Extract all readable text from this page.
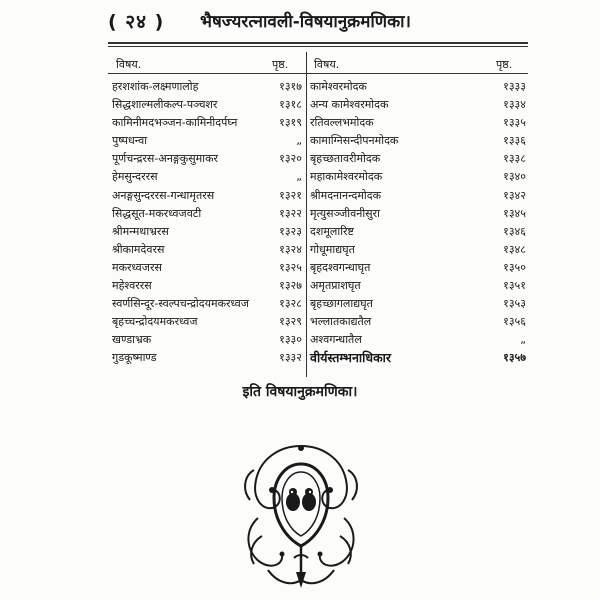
( २४ ) भैषज्यरत्नावली-विषयानुक्रमणिका।
विषय.	पृष्ठ. विषय.	पृष्ठ.
हरशशांक-लक्ष्मणालोह	१३१७
सिद्धशाल्मलीकल्प-पञ्चशर	१३१८
कामिनीमदभञ्जन-कामिनीदर्पघ्न	१३१९
पुष्पधन्वा	„
पूर्णचन्द्ररस-अनङ्गकुसुमाकर	१३२०
हेमसुन्दररस	„
अनङ्गसुन्दररस-गन्धामृतरस	१३२१
सिद्धसूत-मकरध्वजवटी	१३२२
श्रीमन्मथाभ्ररस	१३२३
श्रीकामदेवरस	१३२४
मकरध्वजरस	१३२५
महेश्वररस	१३२७
स्वर्णसिन्दूर-स्वल्पचन्द्रोदयमकरध्वज	१३२८
बृहच्चन्द्रोदयमकरध्वज	१३२९
खण्डाभ्रक	१३३०
गुडकूष्माण्ड	१३३२
कामेश्वरमोदक	१३३३
अन्य कामेश्वरमोदक	१३३४
रतिवल्लभमोदक	१३३५
कामाग्निसन्दीपनमोदक	१३३६
बृहच्छतावरीमोदक	१३३८
महाकामेश्वरमोदक	१३४०
श्रीमदनानन्दमोदक	१३४२
मृत्युसञ्जीवनीसुरा	१३४५
दशमूलारिष्ट	१३४६
गोधूमाद्यघृत	१३४८
बृहदश्वगन्धाघृत	१३५०
अमृतप्राशघृत	१३५१
बृहच्छागलाद्यघृत	१३५३
भल्लातकाद्यतैल	१३५६
अश्वगन्धातैल	„
वीर्यस्तम्भनाधिकार	१३५७
इति विषयानुक्रमणिका।
